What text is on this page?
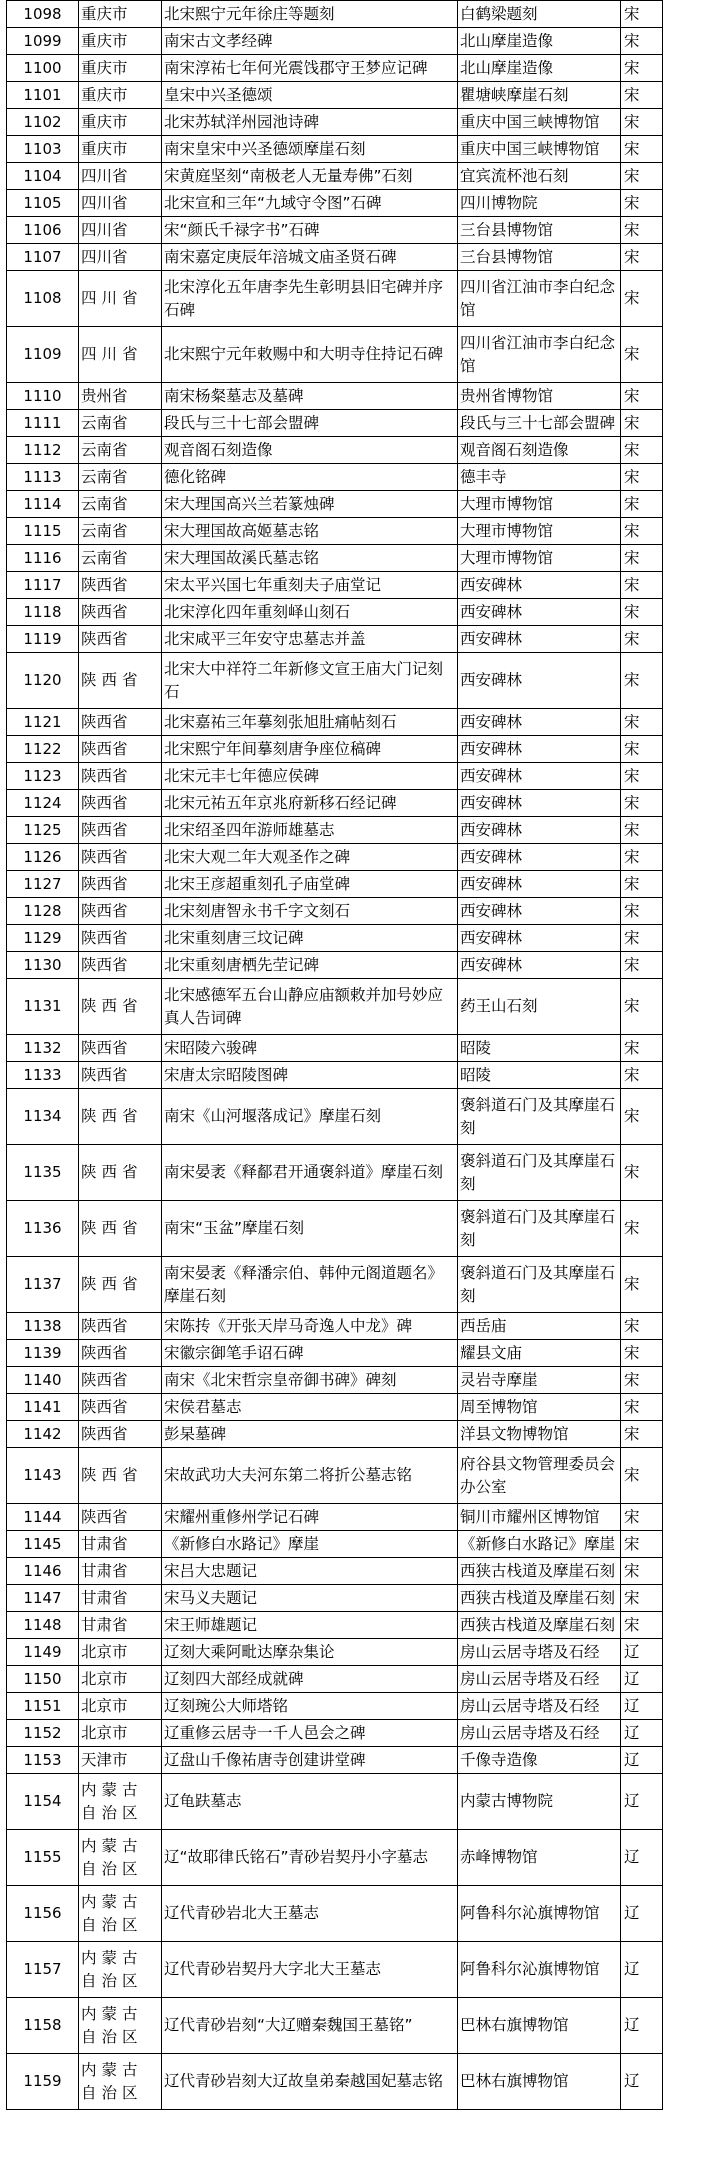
1098	重庆市	北宋熙宁元年徐庄等题刻	白鹤梁题刻	宋
1099	重庆市	南宋古文孝经碑	北山摩崖造像	宋
1100	重庆市	南宋淳祐七年何光震饯郡守王梦应记碑	北山摩崖造像	宋
1101	重庆市	皇宋中兴圣德颂	瞿塘峡摩崖石刻	宋
1102	重庆市	北宋苏轼洋州园池诗碑	重庆中国三峡博物馆	宋
1103	重庆市	南宋皇宋中兴圣德颂摩崖石刻	重庆中国三峡博物馆	宋
1104	四川省	宋黄庭坚刻“南极老人无量寿佛”石刻	宜宾流杯池石刻	宋
1105	四川省	北宋宣和三年“九域守令图”石碑	四川博物院	宋
1106	四川省	宋“颜氏千禄字书”石碑	三台县博物馆	宋
1107	四川省	南宋嘉定庚辰年涪城文庙圣贤石碑	三台县博物馆	宋
1108	四川省	北宋淳化五年唐李先生彰明县旧宅碑并序石碑	四川省江油市李白纪念馆	宋
1109	四川省	北宋熙宁元年敕赐中和大明寺住持记石碑	四川省江油市李白纪念馆	宋
1110	贵州省	南宋杨粲墓志及墓碑	贵州省博物馆	宋
1111	云南省	段氏与三十七部会盟碑	段氏与三十七部会盟碑	宋
1112	云南省	观音阁石刻造像	观音阁石刻造像	宋
1113	云南省	德化铭碑	德丰寺	宋
1114	云南省	宋大理国高兴兰若篆烛碑	大理市博物馆	宋
1115	云南省	宋大理国故高姬墓志铭	大理市博物馆	宋
1116	云南省	宋大理国故溪氏墓志铭	大理市博物馆	宋
1117	陕西省	宋太平兴国七年重刻夫子庙堂记	西安碑林	宋
1118	陕西省	北宋淳化四年重刻峄山刻石	西安碑林	宋
1119	陕西省	北宋咸平三年安守忠墓志并盖	西安碑林	宋
1120	陕西省	北宋大中祥符二年新修文宣王庙大门记刻石	西安碑林	宋
1121	陕西省	北宋嘉祐三年摹刻张旭肚痛帖刻石	西安碑林	宋
1122	陕西省	北宋熙宁年间摹刻唐争座位稿碑	西安碑林	宋
1123	陕西省	北宋元丰七年德应侯碑	西安碑林	宋
1124	陕西省	北宋元祐五年京兆府新移石经记碑	西安碑林	宋
1125	陕西省	北宋绍圣四年游师雄墓志	西安碑林	宋
1126	陕西省	北宋大观二年大观圣作之碑	西安碑林	宋
1127	陕西省	北宋王彦超重刻孔子庙堂碑	西安碑林	宋
1128	陕西省	北宋刻唐智永书千字文刻石	西安碑林	宋
1129	陕西省	北宋重刻唐三坟记碑	西安碑林	宋
1130	陕西省	北宋重刻唐栖先茔记碑	西安碑林	宋
1131	陕西省	北宋感德军五台山静应庙额敕并加号妙应真人告词碑	药王山石刻	宋
1132	陕西省	宋昭陵六骏碑	昭陵	宋
1133	陕西省	宋唐太宗昭陵图碑	昭陵	宋
1134	陕西省	南宋《山河堰落成记》摩崖石刻	褒斜道石门及其摩崖石刻	宋
1135	陕西省	南宋晏袤《释鄐君开通褒斜道》摩崖石刻	褒斜道石门及其摩崖石刻	宋
1136	陕西省	南宋“玉盆”摩崖石刻	褒斜道石门及其摩崖石刻	宋
1137	陕西省	南宋晏袤《释潘宗伯、韩仲元阁道题名》摩崖石刻	褒斜道石门及其摩崖石刻	宋
1138	陕西省	宋陈抟《开张天岸马奇逸人中龙》碑	西岳庙	宋
1139	陕西省	宋徽宗御笔手诏石碑	耀县文庙	宋
1140	陕西省	南宋《北宋哲宗皇帝御书碑》碑刻	灵岩寺摩崖	宋
1141	陕西省	宋侯君墓志	周至博物馆	宋
1142	陕西省	彭杲墓碑	洋县文物博物馆	宋
1143	陕西省	宋故武功大夫河东第二将折公墓志铭	府谷县文物管理委员会办公室	宋
1144	陕西省	宋耀州重修州学记石碑	铜川市耀州区博物馆	宋
1145	甘肃省	《新修白水路记》摩崖	《新修白水路记》摩崖	宋
1146	甘肃省	宋吕大忠题记	西狭古栈道及摩崖石刻	宋
1147	甘肃省	宋马义夫题记	西狭古栈道及摩崖石刻	宋
1148	甘肃省	宋王师雄题记	西狭古栈道及摩崖石刻	宋
1149	北京市	辽刻大乘阿毗达摩杂集论	房山云居寺塔及石经	辽
1150	北京市	辽刻四大部经成就碑	房山云居寺塔及石经	辽
1151	北京市	辽刻琬公大师塔铭	房山云居寺塔及石经	辽
1152	北京市	辽重修云居寺一千人邑会之碑	房山云居寺塔及石经	辽
1153	天津市	辽盘山千像祐唐寺创建讲堂碑	千像寺造像	辽
1154	内蒙古自治区	辽龟趺墓志	内蒙古博物院	辽
1155	内蒙古自治区	辽“故耶律氏铭石”青砂岩契丹小字墓志	赤峰博物馆	辽
1156	内蒙古自治区	辽代青砂岩北大王墓志	阿鲁科尔沁旗博物馆	辽
1157	内蒙古自治区	辽代青砂岩契丹大字北大王墓志	阿鲁科尔沁旗博物馆	辽
1158	内蒙古自治区	辽代青砂岩刻“大辽赠秦魏国王墓铭”	巴林右旗博物馆	辽
1159	内蒙古自治区	辽代青砂岩刻大辽故皇弟秦越国妃墓志铭	巴林右旗博物馆	辽
